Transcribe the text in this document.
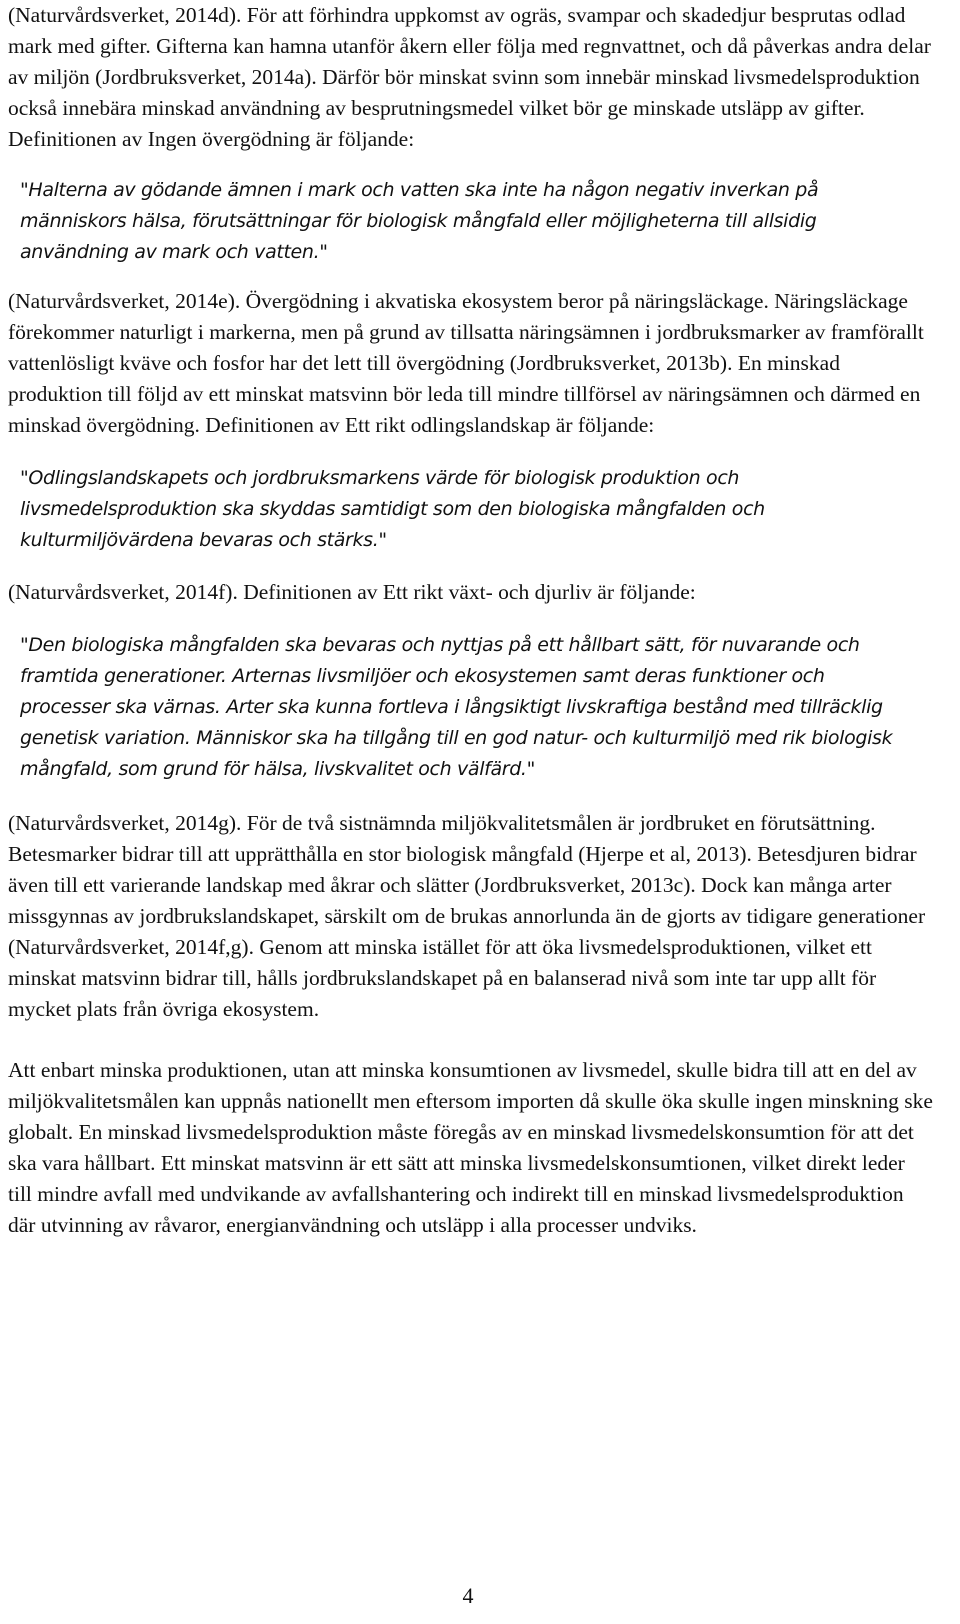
(Naturvårdsverket, 2014d). För att förhindra uppkomst av ogräs, svampar och skadedjur besprutas odlad mark med gifter. Gifterna kan hamna utanför åkern eller följa med regnvattnet, och då påverkas andra delar av miljön (Jordbruksverket, 2014a). Därför bör minskat svinn som innebär minskad livsmedelsproduktion också innebära minskad användning av besprutningsmedel vilket bör ge minskade utsläpp av gifter. Definitionen av Ingen övergödning är följande:

"Halterna av gödande ämnen i mark och vatten ska inte ha någon negativ inverkan på människors hälsa, förutsättningar för biologisk mångfald eller möjligheterna till allsidig användning av mark och vatten."

(Naturvårdsverket, 2014e). Övergödning i akvatiska ekosystem beror på näringsläckage. Näringsläckage förekommer naturligt i markerna, men på grund av tillsatta näringsämnen i jordbruksmarker av framförallt vattenlösligt kväve och fosfor har det lett till övergödning (Jordbruksverket, 2013b). En minskad produktion till följd av ett minskat matsvinn bör leda till mindre tillförsel av näringsämnen och därmed en minskad övergödning. Definitionen av Ett rikt odlingslandskap är följande:

"Odlingslandskapets och jordbruksmarkens värde för biologisk produktion och livsmedelsproduktion ska skyddas samtidigt som den biologiska mångfalden och kulturmiljövärdena bevaras och stärks."

(Naturvårdsverket, 2014f). Definitionen av Ett rikt växt- och djurliv är följande:

"Den biologiska mångfalden ska bevaras och nyttjas på ett hållbart sätt, för nuvarande och framtida generationer. Arternas livsmiljöer och ekosystemen samt deras funktioner och processer ska värnas. Arter ska kunna fortleva i långsiktigt livskraftiga bestånd med tillräcklig genetisk variation. Människor ska ha tillgång till en god natur- och kulturmiljö med rik biologisk mångfald, som grund för hälsa, livskvalitet och välfärd."

(Naturvårdsverket, 2014g). För de två sistnämnda miljökvalitetsmålen är jordbruket en förutsättning. Betesmarker bidrar till att upprätthålla en stor biologisk mångfald (Hjerpe et al, 2013). Betesdjuren bidrar även till ett varierande landskap med åkrar och slätter (Jordbruksverket, 2013c). Dock kan många arter missgynnas av jordbrukslandskapet, särskilt om de brukas annorlunda än de gjorts av tidigare generationer (Naturvårdsverket, 2014f,g). Genom att minska istället för att öka livsmedelsproduktionen, vilket ett minskat matsvinn bidrar till, hålls jordbrukslandskapet på en balanserad nivå som inte tar upp allt för mycket plats från övriga ekosystem.

Att enbart minska produktionen, utan att minska konsumtionen av livsmedel, skulle bidra till att en del av miljökvalitetsmålen kan uppnås nationellt men eftersom importen då skulle öka skulle ingen minskning ske globalt. En minskad livsmedelsproduktion måste föregås av en minskad livsmedelskonsumtion för att det ska vara hållbart. Ett minskat matsvinn är ett sätt att minska livsmedelskonsumtionen, vilket direkt leder till mindre avfall med undvikande av avfallshantering och indirekt till en minskad livsmedelsproduktion där utvinning av råvaror, energianvändning och utsläpp i alla processer undviks.

4
